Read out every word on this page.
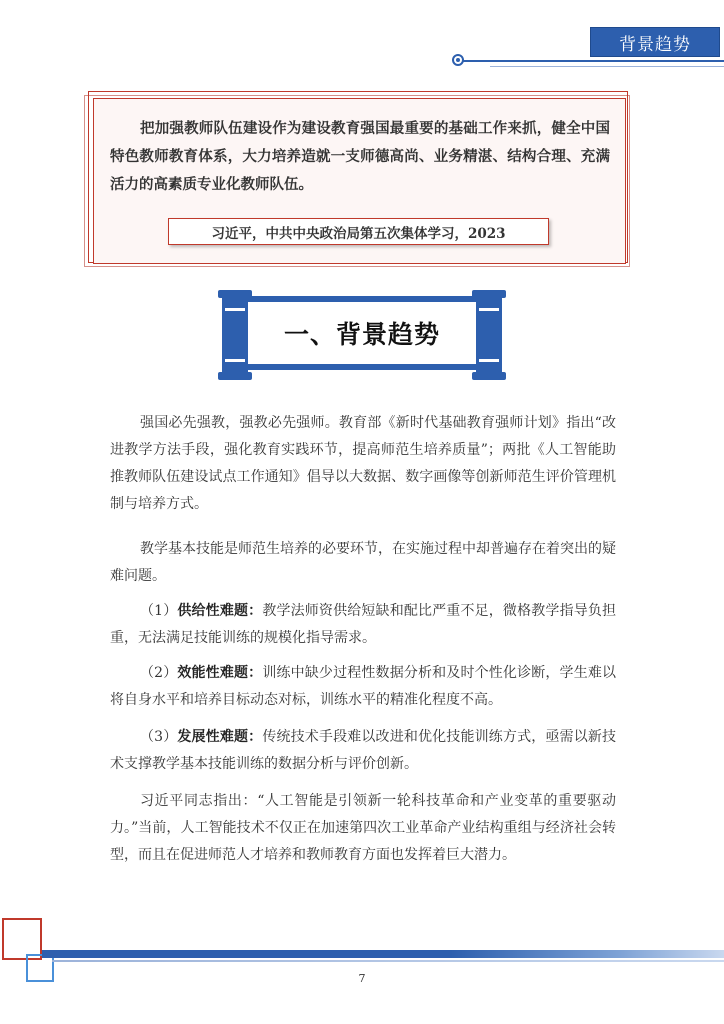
背景趋势
把加强教师队伍建设作为建设教育强国最重要的基础工作来抓，健全中国特色教师教育体系，大力培养造就一支师德高尚、业务精湛、结构合理、充满活力的高素质专业化教师队伍。
习近平，中共中央政治局第五次集体学习，2023
一、背景趋势

强国必先强教，强教必先强师。教育部《新时代基础教育强师计划》指出“改进教学方法手段，强化教育实践环节，提高师范生培养质量”；两批《人工智能助推教师队伍建设试点工作通知》倡导以大数据、数字画像等创新师范生评价管理机制与培养方式。

教学基本技能是师范生培养的必要环节，在实施过程中却普遍存在着突出的疑难问题。

（1）供给性难题：教学法师资供给短缺和配比严重不足，微格教学指导负担重，无法满足技能训练的规模化指导需求。

（2）效能性难题：训练中缺少过程性数据分析和及时个性化诊断，学生难以将自身水平和培养目标动态对标，训练水平的精准化程度不高。

（3）发展性难题：传统技术手段难以改进和优化技能训练方式，亟需以新技术支撑教学基本技能训练的数据分析与评价创新。

习近平同志指出：“人工智能是引领新一轮科技革命和产业变革的重要驱动力。”当前，人工智能技术不仅正在加速第四次工业革命产业结构重组与经济社会转型，而且在促进师范人才培养和教师教育方面也发挥着巨大潜力。

7
